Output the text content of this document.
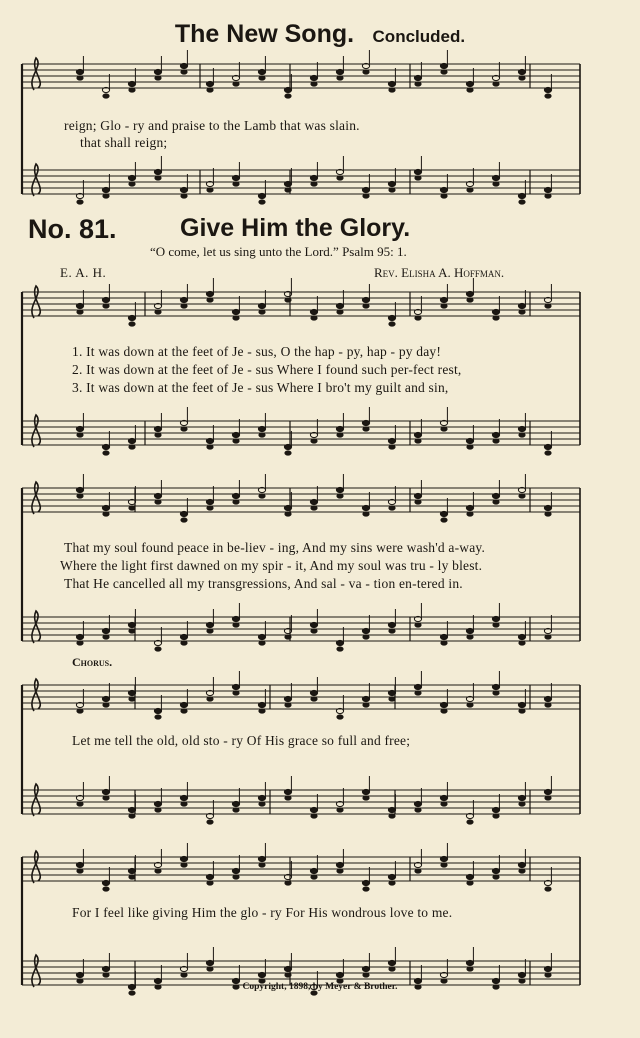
The New Song. Concluded.
reign; Glo - ry and praise to the Lamb that was slain.
that shall reign;
No. 81.	Give Him the Glory.
“O come, let us sing unto the Lord.” Psalm 95: 1.
E. A. H.	Rev. Elisha A. Hoffman.
1. It was down at the feet of Je - sus, O the hap - py, hap - py day!
2. It was down at the feet of Je - sus Where I found such per-fect rest,
3. It was down at the feet of Je - sus Where I bro't my guilt and sin,
That my soul found peace in be-liev - ing, And my sins were wash'd a-way.
Where the light first dawned on my spir - it, And my soul was tru - ly blest.
That He cancelled all my transgressions, And sal - va - tion en-tered in.
Chorus.
Let me tell the old, old sto - ry Of His grace so full and free;
For I feel like giving Him the glo - ry For His wondrous love to me.
Copyright, 1898, by Meyer & Brother.
